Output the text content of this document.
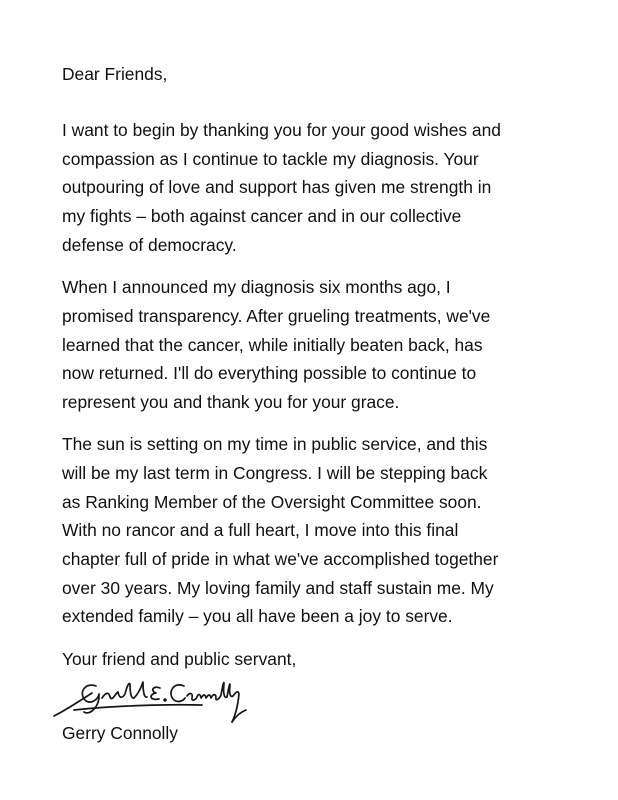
Dear Friends,
I want to begin by thanking you for your good wishes and
compassion as I continue to tackle my diagnosis. Your
outpouring of love and support has given me strength in
my fights – both against cancer and in our collective
defense of democracy.
When I announced my diagnosis six months ago, I
promised transparency. After grueling treatments, we've
learned that the cancer, while initially beaten back, has
now returned. I'll do everything possible to continue to
represent you and thank you for your grace.
The sun is setting on my time in public service, and this
will be my last term in Congress. I will be stepping back
as Ranking Member of the Oversight Committee soon.
With no rancor and a full heart, I move into this final
chapter full of pride in what we've accomplished together
over 30 years. My loving family and staff sustain me. My
extended family – you all have been a joy to serve.
Your friend and public servant,
Gerry Connolly
